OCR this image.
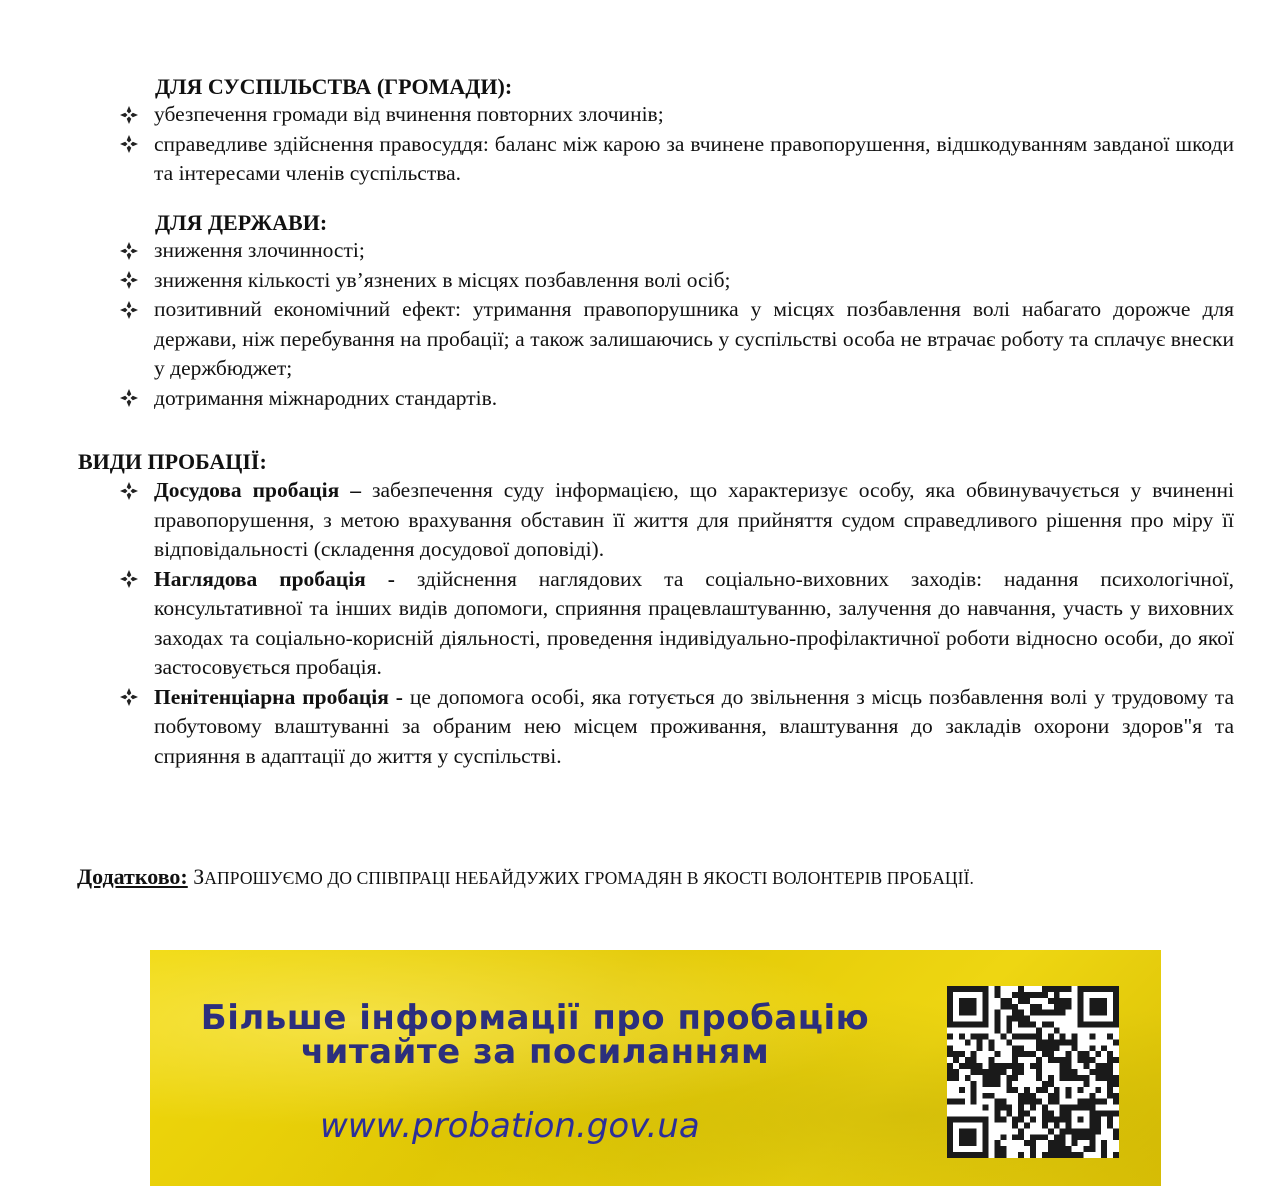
ДЛЯ СУСПІЛЬСТВА (ГРОМАДИ):
убезпечення громади від вчинення повторних злочинів;
справедливе здійснення правосуддя: баланс між карою за вчинене правопорушення, відшкодуванням завданої шкоди та інтересами членів суспільства.
ДЛЯ ДЕРЖАВИ:
зниження злочинності;
зниження кількості ув’язнених в місцях позбавлення волі осіб;
позитивний економічний ефект: утримання правопорушника у місцях позбавлення волі набагато дорожче для держави, ніж перебування на пробації; а також залишаючись у суспільстві особа не втрачає роботу та сплачує внески у держбюджет;
дотримання міжнародних стандартів.
ВИДИ ПРОБАЦІЇ:
Досудова пробація – забезпечення суду інформацією, що характеризує особу, яка обвинувачується у вчиненні правопорушення, з метою врахування обставин її життя для прийняття судом справедливого рішення про міру її відповідальності (складення досудової доповіді).
Наглядова пробація - здійснення наглядових та соціально-виховних заходів: надання психологічної, консультативної та інших видів допомоги, сприяння працевлаштуванню, залучення до навчання, участь у виховних заходах та соціально-корисній діяльності, проведення індивідуально-профілактичної роботи відносно особи, до якої застосовується пробація.
Пенітенціарна пробація - це допомога особі, яка готується до звільнення з місць позбавлення волі у трудовому та побутовому влаштуванні за обраним нею місцем проживання, влаштування до закладів охорони здоров"я та сприяння в адаптації до життя у суспільстві.
Додатково: ЗАПРОШУЄМО ДО СПІВПРАЦІ НЕБАЙДУЖИХ ГРОМАДЯН В ЯКОСТІ ВОЛОНТЕРІВ ПРОБАЦІЇ.
Більше інформації про пробацію
читайте за посиланням
www.probation.gov.ua
